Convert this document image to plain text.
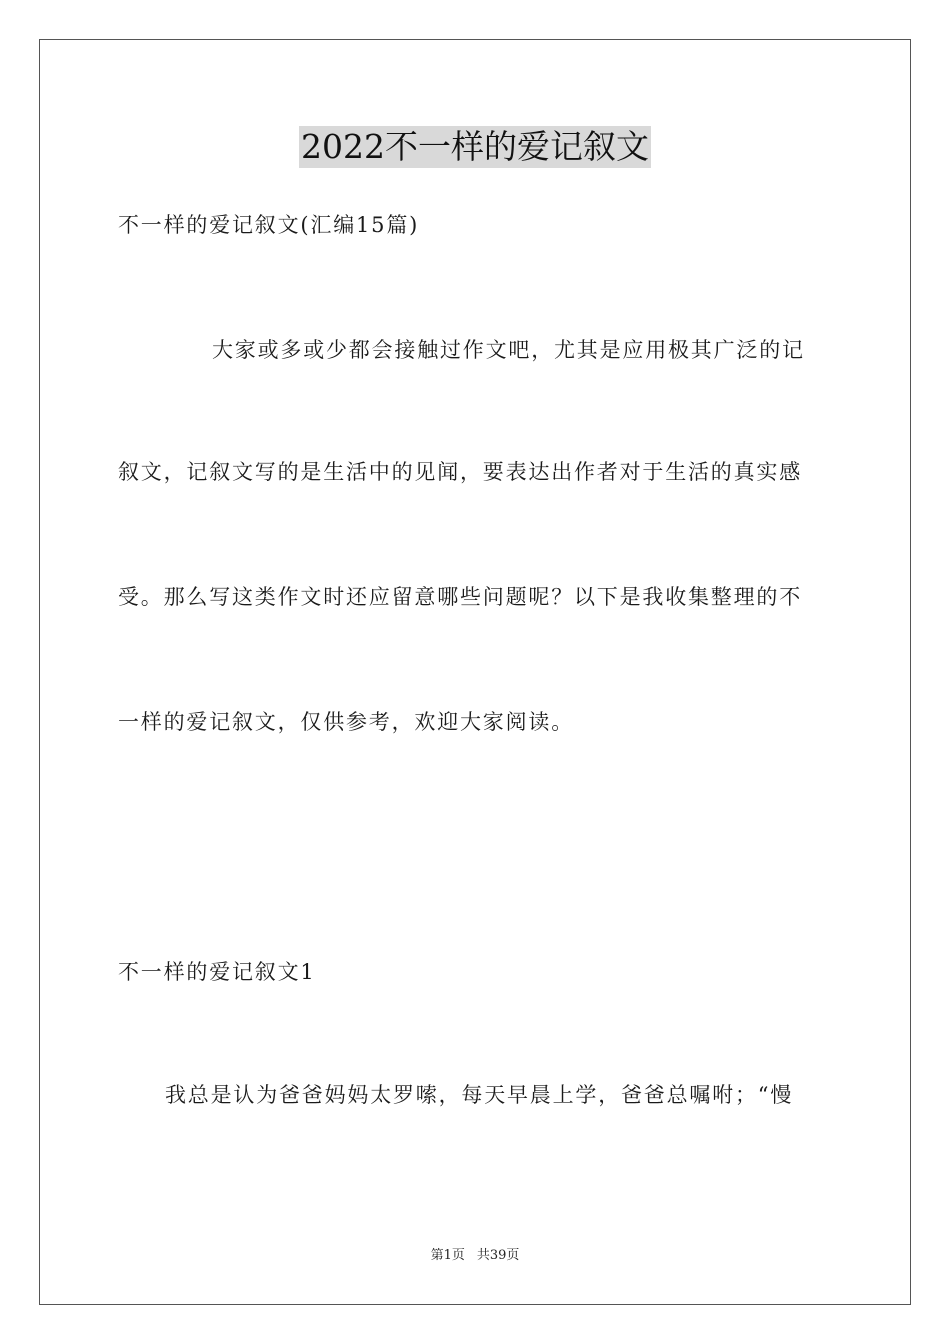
2022不一样的爱记叙文
不一样的爱记叙文(汇编15篇)
大家或多或少都会接触过作文吧，尤其是应用极其广泛的记
叙文，记叙文写的是生活中的见闻，要表达出作者对于生活的真实感
受。那么写这类作文时还应留意哪些问题呢？以下是我收集整理的不
一样的爱记叙文，仅供参考，欢迎大家阅读。
不一样的爱记叙文1
我总是认为爸爸妈妈太罗嗦，每天早晨上学，爸爸总嘱咐；“慢
第1页 共39页
